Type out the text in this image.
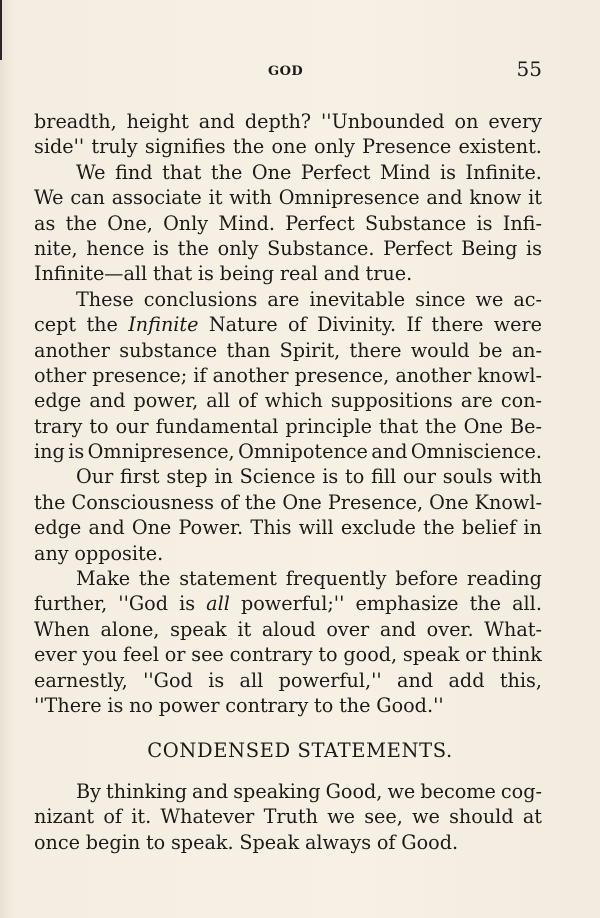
GOD	55
breadth, height and depth? ''Unbounded on every
side'' truly signifies the one only Presence existent.
We find that the One Perfect Mind is Infinite.
We can associate it with Omnipresence and know it
as the One, Only Mind. Perfect Substance is Infi-
nite, hence is the only Substance. Perfect Being is
Infinite—all that is being real and true.
These conclusions are inevitable since we ac-
cept the Infinite Nature of Divinity. If there were
another substance than Spirit, there would be an-
other presence; if another presence, another knowl-
edge and power, all of which suppositions are con-
trary to our fundamental principle that the One Be-
ing is Omnipresence, Omnipotence and Omniscience.
Our first step in Science is to fill our souls with
the Consciousness of the One Presence, One Knowl-
edge and One Power. This will exclude the belief in
any opposite.
Make the statement frequently before reading
further, ''God is all powerful;'' emphasize the all.
When alone, speak it aloud over and over. What-
ever you feel or see contrary to good, speak or think
earnestly, ''God is all powerful,'' and add this,
''There is no power contrary to the Good.''
CONDENSED STATEMENTS.
By thinking and speaking Good, we become cog-
nizant of it. Whatever Truth we see, we should at
once begin to speak. Speak always of Good.
